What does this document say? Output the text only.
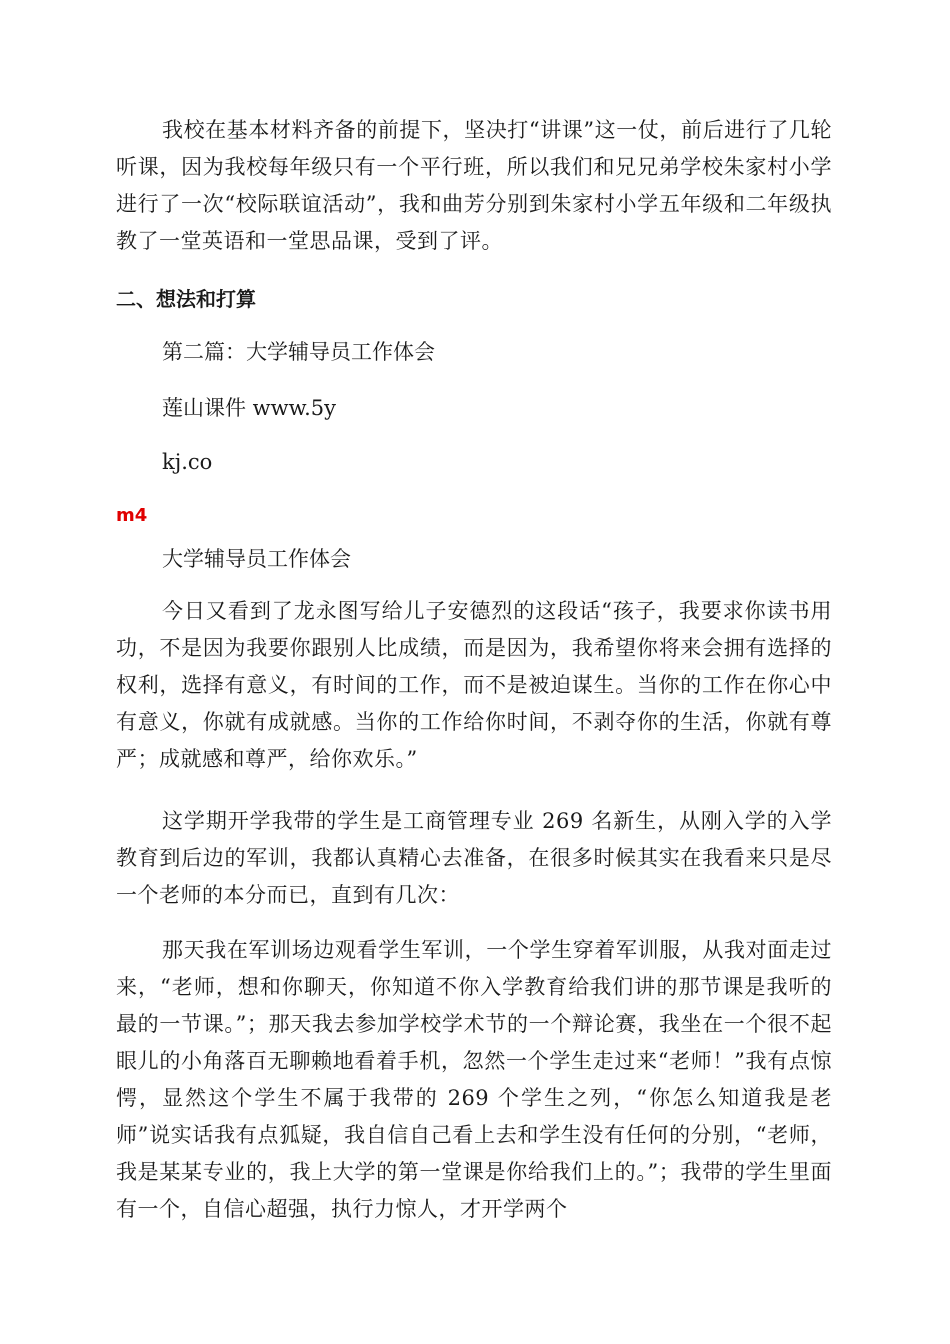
我校在基本材料齐备的前提下，坚决打“讲课”这一仗，前后进行了几轮听课，因为我校每年级只有一个平行班，所以我们和兄兄弟学校朱家村小学进行了一次“校际联谊活动”，我和曲芳分别到朱家村小学五年级和二年级执教了一堂英语和一堂思品课，受到了评。

二、想法和打算

第二篇：大学辅导员工作体会

莲山课件 www.5y

kj.co

m4

大学辅导员工作体会

今日又看到了龙永图写给儿子安德烈的这段话“孩子，我要求你读书用功，不是因为我要你跟别人比成绩，而是因为，我希望你将来会拥有选择的权利，选择有意义，有时间的工作，而不是被迫谋生。当你的工作在你心中有意义，你就有成就感。当你的工作给你时间，不剥夺你的生活，你就有尊严；成就感和尊严，给你欢乐。”

这学期开学我带的学生是工商管理专业 269 名新生，从刚入学的入学教育到后边的军训，我都认真精心去准备，在很多时候其实在我看来只是尽一个老师的本分而已，直到有几次：

那天我在军训场边观看学生军训，一个学生穿着军训服，从我对面走过来，“老师，想和你聊天，你知道不你入学教育给我们讲的那节课是我听的最的一节课。”；那天我去参加学校学术节的一个辩论赛，我坐在一个很不起眼儿的小角落百无聊赖地看着手机，忽然一个学生走过来“老师！”我有点惊愕，显然这个学生不属于我带的 269 个学生之列，“你怎么知道我是老师”说实话我有点狐疑，我自信自己看上去和学生没有任何的分别，“老师，我是某某专业的，我上大学的第一堂课是你给我们上的。”；我带的学生里面有一个，自信心超强，执行力惊人，才开学两个
